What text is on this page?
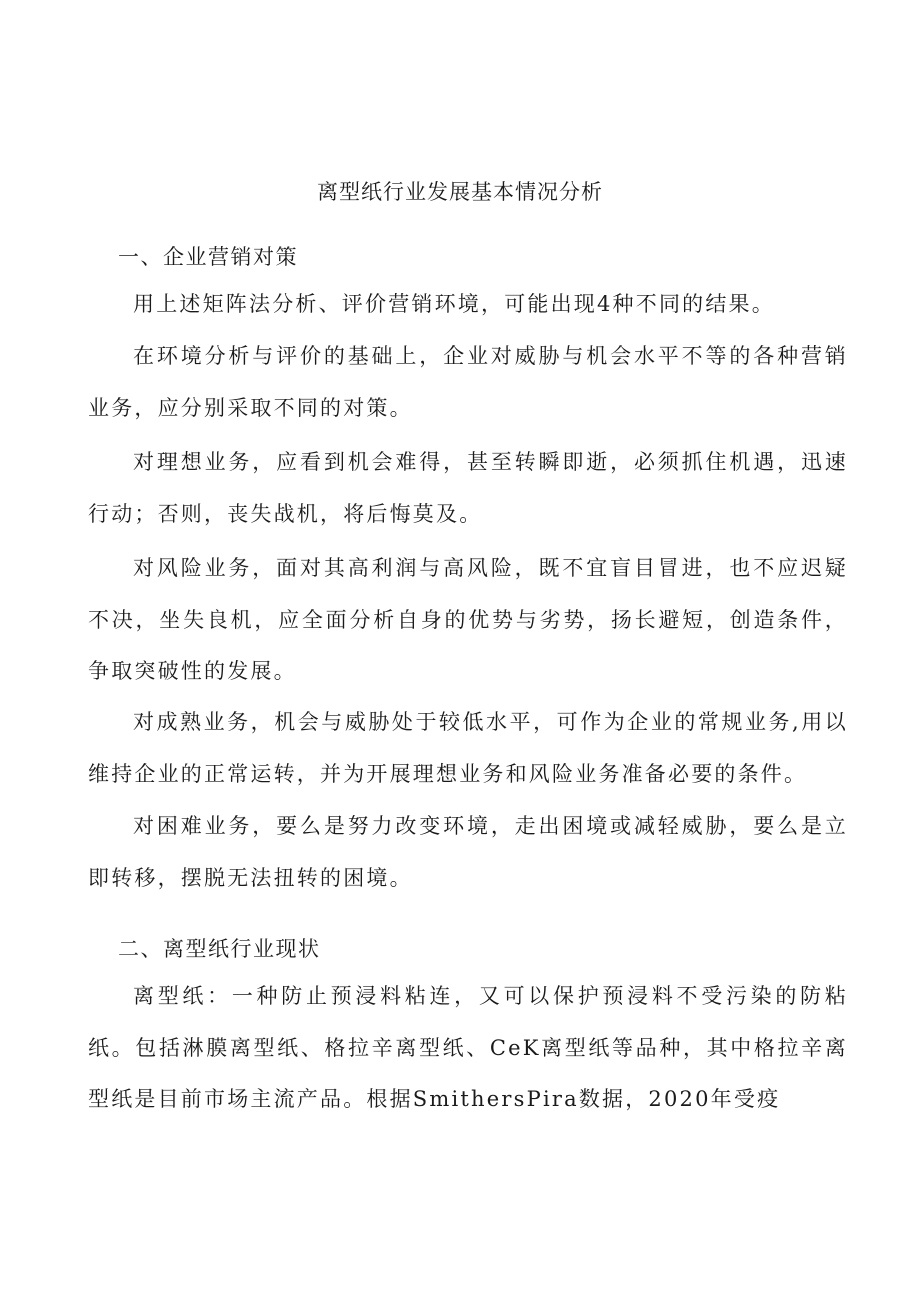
离型纸行业发展基本情况分析
一、企业营销对策

用上述矩阵法分析、评价营销环境，可能出现4种不同的结果。

在环境分析与评价的基础上，企业对威胁与机会水平不等的各种营销业务，应分别采取不同的对策。

对理想业务，应看到机会难得，甚至转瞬即逝，必须抓住机遇，迅速行动；否则，丧失战机，将后悔莫及。

对风险业务，面对其高利润与高风险，既不宜盲目冒进，也不应迟疑不决，坐失良机，应全面分析自身的优势与劣势，扬长避短，创造条件，争取突破性的发展。

对成熟业务，机会与威胁处于较低水平，可作为企业的常规业务,用以维持企业的正常运转，并为开展理想业务和风险业务准备必要的条件。

对困难业务，要么是努力改变环境，走出困境或减轻威胁，要么是立即转移，摆脱无法扭转的困境。

二、离型纸行业现状

离型纸：一种防止预浸料粘连，又可以保护预浸料不受污染的防粘纸。包括淋膜离型纸、格拉辛离型纸、CeK离型纸等品种，其中格拉辛离型纸是目前市场主流产品。根据SmithersPira数据，2020年受疫
